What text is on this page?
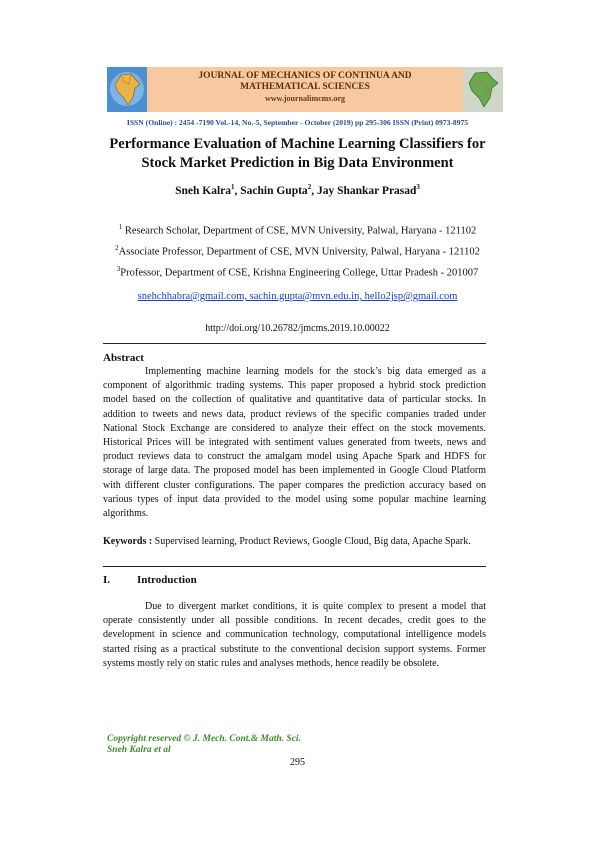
JOURNAL OF MECHANICS OF CONTINUA AND
MATHEMATICAL SCIENCES
www.journalimcms.org
ISSN (Online) : 2454 -7190 Vol.-14, No.-5, September - October (2019) pp 295-306 ISSN (Print) 0973-8975
Performance Evaluation of Machine Learning Classifiers for
Stock Market Prediction in Big Data Environment
Sneh Kalra$^1$, Sachin Gupta$^2$, Jay Shankar Prasad$^3$
$^1$ Research Scholar, Department of CSE, MVN University, Palwal, Haryana - 121102
$^2$Associate Professor, Department of CSE, MVN University, Palwal, Haryana - 121102
$^3$Professor, Department of CSE, Krishna Engineering College, Uttar Pradesh - 201007
snehchhabra@gmail.com, sachin.gupta@mvn.edu.in, hello2jsp@gmail.com
http://doi.org/10.26782/jmcms.2019.10.00022
Abstract
Implementing machine learning models for the stock’s big data emerged as a component of algorithmic trading systems. This paper proposed a hybrid stock prediction model based on the collection of qualitative and quantitative data of particular stocks. In addition to tweets and news data, product reviews of the specific companies traded under National Stock Exchange are considered to analyze their effect on the stock movements. Historical Prices will be integrated with sentiment values generated from tweets, news and product reviews data to construct the amalgam model using Apache Spark and HDFS for storage of large data. The proposed model has been implemented in Google Cloud Platform with different cluster configurations. The paper compares the prediction accuracy based on various types of input data provided to the model using some popular machine learning algorithms.
Keywords : Supervised learning, Product Reviews, Google Cloud, Big data, Apache Spark.
I. Introduction
Due to divergent market conditions, it is quite complex to present a model that operate consistently under all possible conditions. In recent decades, credit goes to the development in science and communication technology, computational intelligence models started rising as a practical substitute to the conventional decision support systems. Former systems mostly rely on static rules and analyses methods, hence readily be obsolete.
Copyright reserved © J. Mech. Cont.& Math. Sci.
Sneh Kalra et al
295
